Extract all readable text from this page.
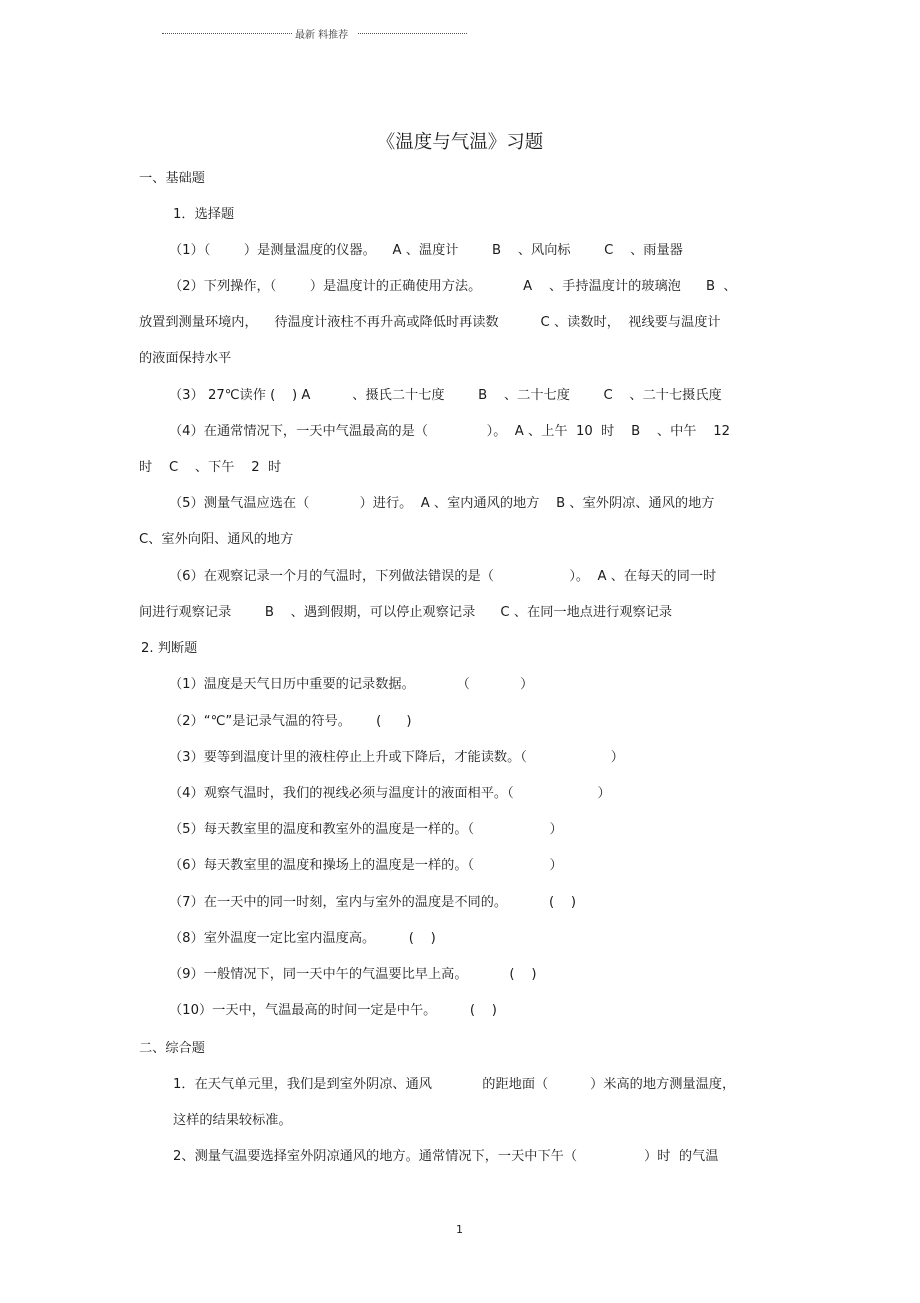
最新 料推荐
《温度与气温》习题
一、基础题
1．选择题
（1）（        ）是测量温度的仪器。    A 、温度计        B    、风向标        C    、雨量器
（2）下列操作，（        ）是温度计的正确使用方法。          A    、手持温度计的玻璃泡      B  、
放置到测量环境内，    待温度计液柱不再升高或降低时再读数          C 、读数时，  视线要与温度计
的液面保持水平
（3） 27℃读作 (    ) A          、摄氏二十七度        B    、二十七度        C    、二十七摄氏度
（4）在通常情况下，一天中气温最高的是（              ）。  A 、上午  10  时    B    、中午    12
时    C    、下午    2  时
（5）测量气温应选在（            ）进行。  A 、室内通风的地方    B 、室外阴凉、通风的地方
C、室外向阳、通风的地方
（6）在观察记录一个月的气温时，下列做法错误的是（                  ）。  A 、在每天的同一时
间进行观察记录        B    、遇到假期，可以停止观察记录      C 、在同一地点进行观察记录
2. 判断题
（1）温度是天气日历中重要的记录数据。          （            ）
（2）“℃”是记录气温的符号。      (      )
（3）要等到温度计里的液柱停止上升或下降后，才能读数。（                    ）
（4）观察气温时，我们的视线必须与温度计的液面相平。（                    ）
（5）每天教室里的温度和教室外的温度是一样的。（                  ）
（6）每天教室里的温度和操场上的温度是一样的。（                  ）
（7）在一天中的同一时刻，室内与室外的温度是不同的。          (    )
（8）室外温度一定比室内温度高。        (    )
（9）一般情况下，同一天中午的气温要比早上高。          (    )
（10）一天中，气温最高的时间一定是中午。        (    )
二、综合题
1．在天气单元里，我们是到室外阴凉、通风            的距地面（          ）米高的地方测量温度，
这样的结果较标准。
2、测量气温要选择室外阴凉通风的地方。通常情况下，一天中下午（                ）时  的气温
1
